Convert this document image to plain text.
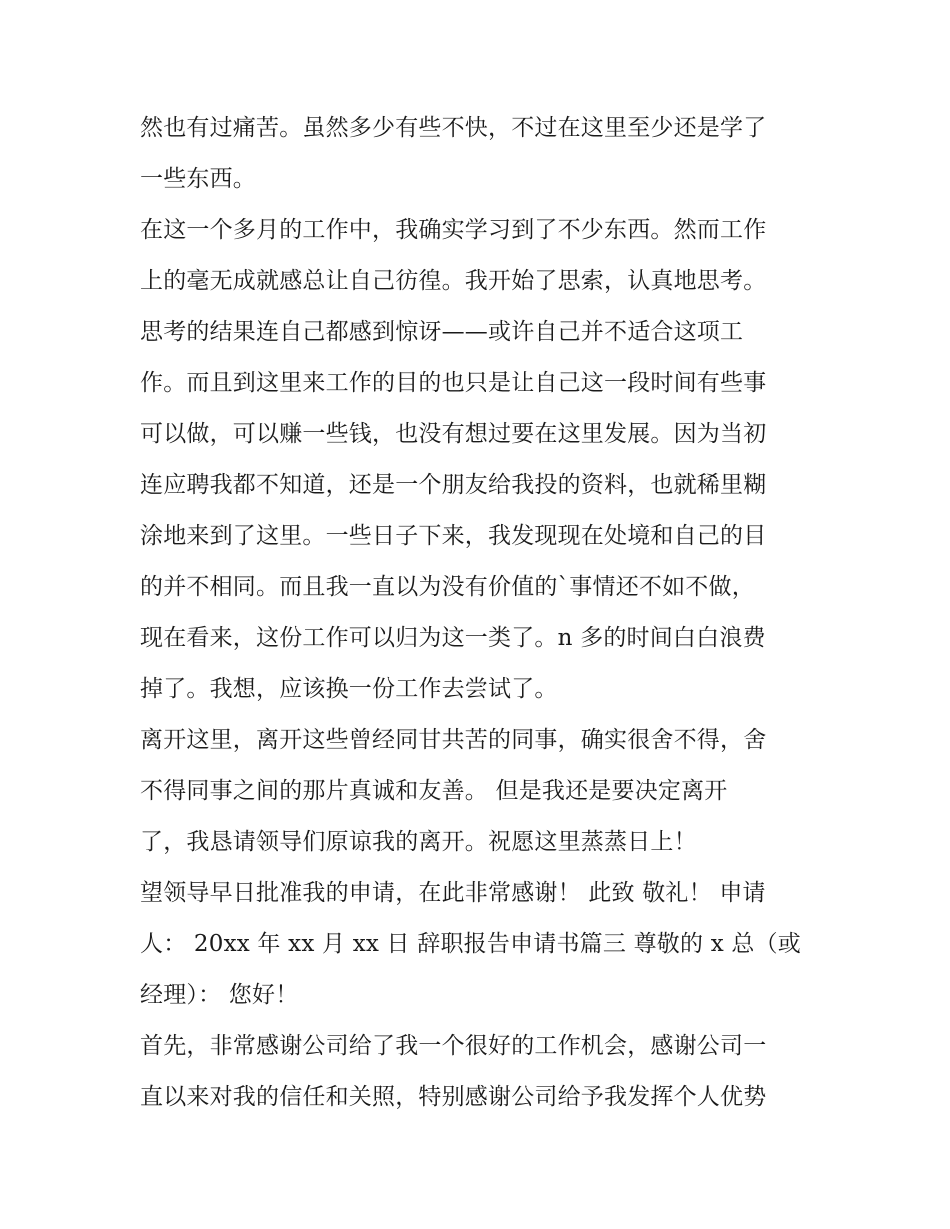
然也有过痛苦。虽然多少有些不快，不过在这里至少还是学了
一些东西。
在这一个多月的工作中，我确实学习到了不少东西。然而工作
上的毫无成就感总让自己彷徨。我开始了思索，认真地思考。
思考的结果连自己都感到惊讶——或许自己并不适合这项工
作。而且到这里来工作的目的也只是让自己这一段时间有些事
可以做，可以赚一些钱，也没有想过要在这里发展。因为当初
连应聘我都不知道，还是一个朋友给我投的资料，也就稀里糊
涂地来到了这里。一些日子下来，我发现现在处境和自己的目
的并不相同。而且我一直以为没有价值的`事情还不如不做，
现在看来，这份工作可以归为这一类了。n 多的时间白白浪费
掉了。我想，应该换一份工作去尝试了。
离开这里，离开这些曾经同甘共苦的同事，确实很舍不得，舍
不得同事之间的那片真诚和友善。 但是我还是要决定离开
了，我恳请领导们原谅我的离开。祝愿这里蒸蒸日上！
望领导早日批准我的申请，在此非常感谢！ 此致 敬礼！ 申请
人： 20xx 年 xx 月 xx 日 辞职报告申请书篇三 尊敬的 x 总（或
经理）： 您好！
首先，非常感谢公司给了我一个很好的工作机会，感谢公司一
直以来对我的信任和关照，特别感谢公司给予我发挥个人优势
